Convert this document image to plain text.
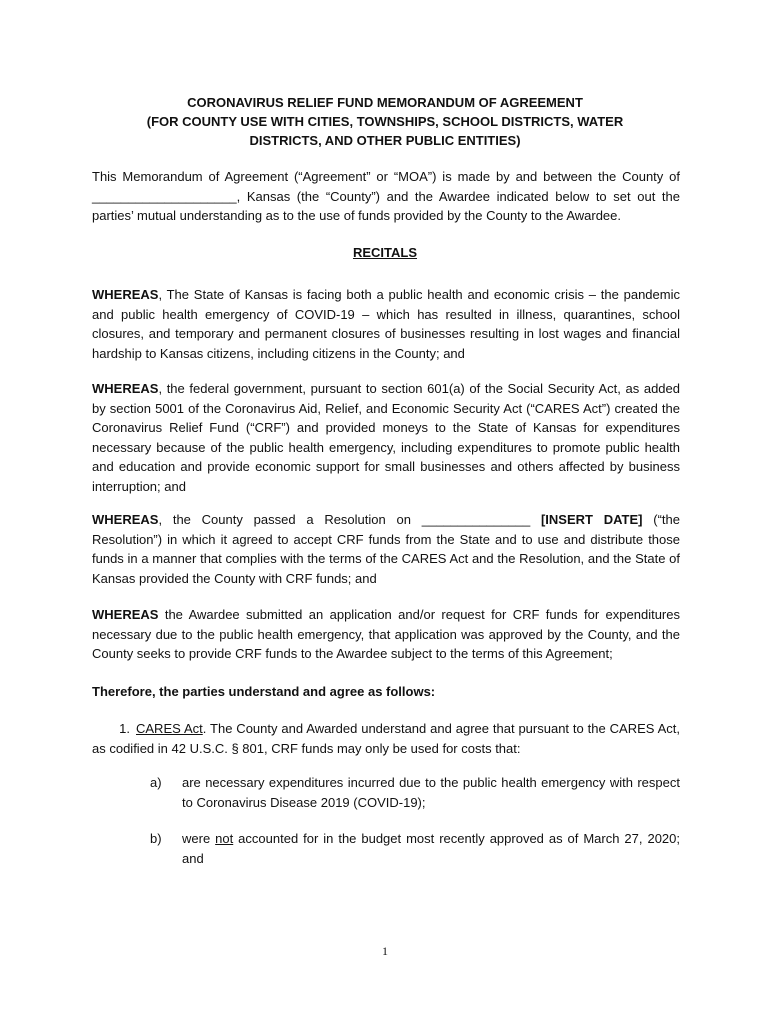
CORONAVIRUS RELIEF FUND MEMORANDUM OF AGREEMENT
(FOR COUNTY USE WITH CITIES, TOWNSHIPS, SCHOOL DISTRICTS, WATER
DISTRICTS, AND OTHER PUBLIC ENTITIES)
This Memorandum of Agreement (“Agreement” or “MOA”) is made by and between the County of ____________________, Kansas (the “County”) and the Awardee indicated below to set out the parties’ mutual understanding as to the use of funds provided by the County to the Awardee.
RECITALS
WHEREAS, The State of Kansas is facing both a public health and economic crisis – the pandemic and public health emergency of COVID-19 – which has resulted in illness, quarantines, school closures, and temporary and permanent closures of businesses resulting in lost wages and financial hardship to Kansas citizens, including citizens in the County; and
WHEREAS, the federal government, pursuant to section 601(a) of the Social Security Act, as added by section 5001 of the Coronavirus Aid, Relief, and Economic Security Act (“CARES Act”) created the Coronavirus Relief Fund (“CRF”) and provided moneys to the State of Kansas for expenditures necessary because of the public health emergency, including expenditures to promote public health and education and provide economic support for small businesses and others affected by business interruption; and
WHEREAS, the County passed a Resolution on _______________ [INSERT DATE] (“the Resolution”) in which it agreed to accept CRF funds from the State and to use and distribute those funds in a manner that complies with the terms of the CARES Act and the Resolution, and the State of Kansas provided the County with CRF funds; and
WHEREAS the Awardee submitted an application and/or request for CRF funds for expenditures necessary due to the public health emergency, that application was approved by the County, and the County seeks to provide CRF funds to the Awardee subject to the terms of this Agreement;
Therefore, the parties understand and agree as follows:
1. CARES Act. The County and Awarded understand and agree that pursuant to the CARES Act, as codified in 42 U.S.C. § 801, CRF funds may only be used for costs that:
a)	are necessary expenditures incurred due to the public health emergency with respect to Coronavirus Disease 2019 (COVID-19);
b)	were not accounted for in the budget most recently approved as of March 27, 2020; and
1
